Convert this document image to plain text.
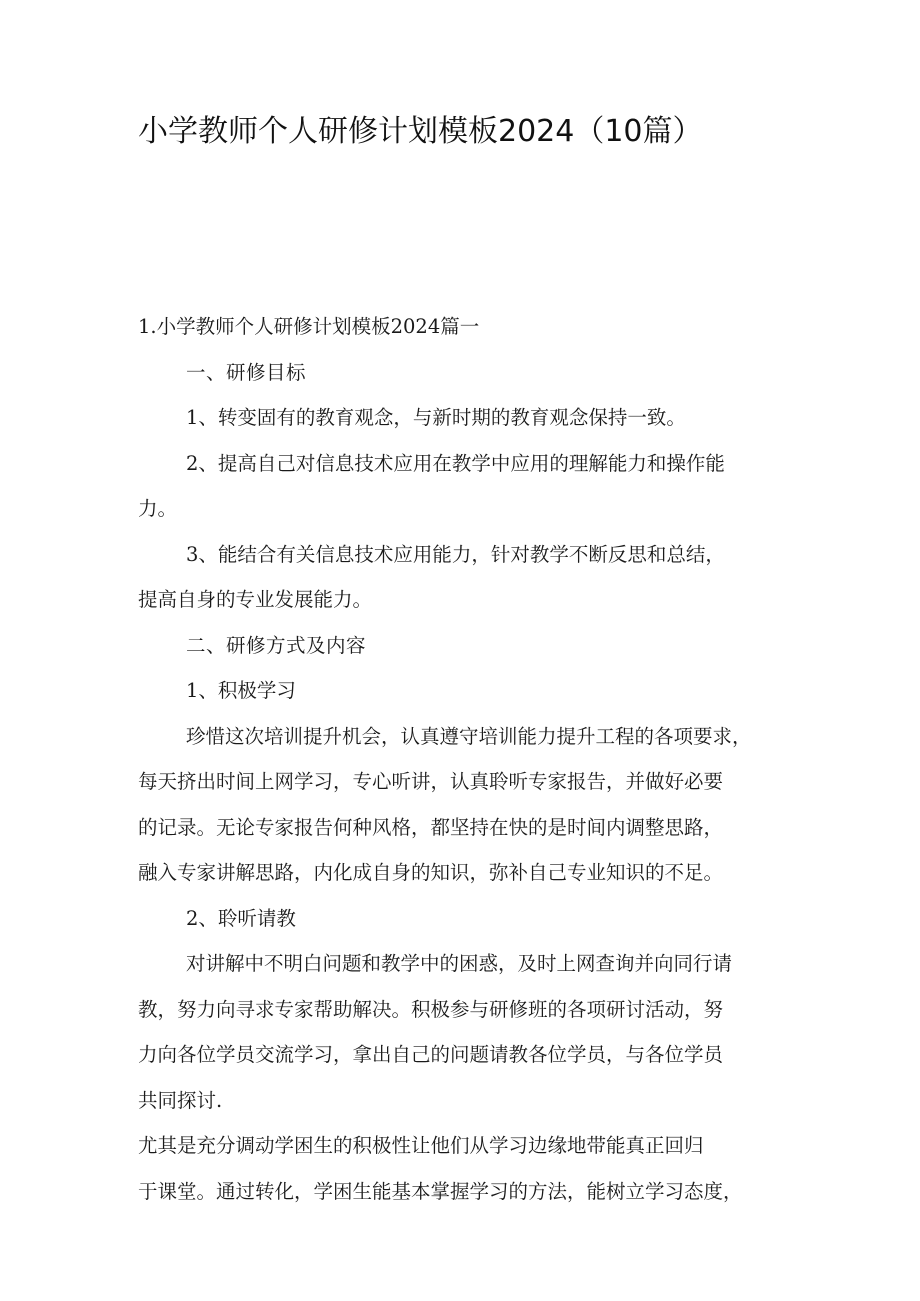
小学教师个人研修计划模板2024（10篇）
1.小学教师个人研修计划模板2024篇一
一、研修目标
1、转变固有的教育观念，与新时期的教育观念保持一致。
2、提高自己对信息技术应用在教学中应用的理解能力和操作能
力。
3、能结合有关信息技术应用能力，针对教学不断反思和总结，
提高自身的专业发展能力。
二、研修方式及内容
1、积极学习
珍惜这次培训提升机会，认真遵守培训能力提升工程的各项要求，
每天挤出时间上网学习，专心听讲，认真聆听专家报告，并做好必要
的记录。无论专家报告何种风格，都坚持在快的是时间内调整思路，
融入专家讲解思路，内化成自身的知识，弥补自己专业知识的不足。
2、聆听请教
对讲解中不明白问题和教学中的困惑，及时上网查询并向同行请
教，努力向寻求专家帮助解决。积极参与研修班的各项研讨活动，努
力向各位学员交流学习，拿出自己的问题请教各位学员，与各位学员
共同探讨.
尤其是充分调动学困生的积极性让他们从学习边缘地带能真正回归
于课堂。通过转化，学困生能基本掌握学习的方法，能树立学习态度，
